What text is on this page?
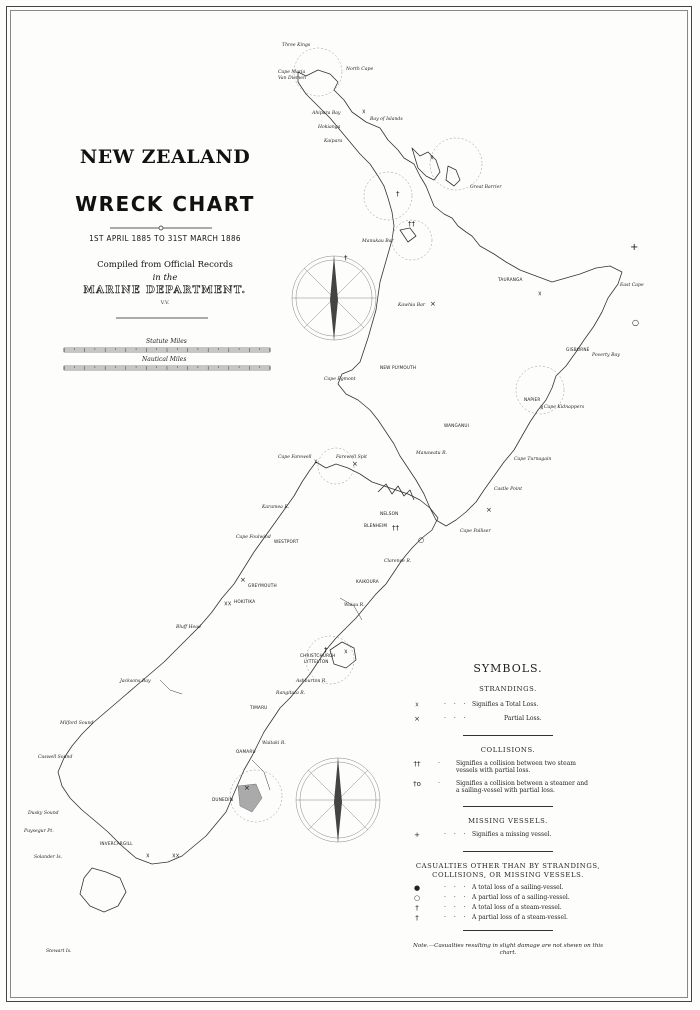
☓
☓
††
†
†
×
☓
☓
×
☓	×
††
○
×
☓☓
† ☓
×
☓☓
☓
NEW ZEALAND
WRECK CHART
1ST APRIL 1885 TO 31ST MARCH 1886
Compiled from Official Records
in the
MARINE DEPARTMENT.
V.V.
Statute Miles
Nautical Miles
Three Kings
North Cape
Cape Maria
Van Diemen
Ahipara Bay
Bay of Islands
Hokianga
Kaipara
Great Barrier
Manukau Bar
TAURANGA
East Cape
GISBORNE
Poverty Bay
Kawhia Bar
Cape Egmont
NEW PLYMOUTH
WANGANUI
Manawatu R.
NAPIER
Cape Kidnappers
Cape Turnagain
Castle Point
Cape Palliser
Cape Farewell	Farewell Spit
Karamea R.
NELSON
BLENHEIM
Cape Foulwind
WESTPORT
Clarence R.
KAIKOURA
GREYMOUTH
HOKITIKA
Waiau R.
Bluff Head
Jacksons Bay
CHRISTCHURCH
LYTTELTON
Ashburton R.
Rangitata R.
TIMARU
OAMARU
Waitaki R.
Milford Sound
Caswell Sound
Dusky Sound
Puysegur Pt.
Solander Is.
INVERCARGILL
DUNEDIN
Stewart Is.
+
○
SYMBOLS.
STRANDINGS.
☓	· · · Signifies a Total Loss.
×	· · ·	Partial Loss.
COLLISIONS.
††	· Signifies a collision between two steam vessels with partial loss.
†o	· Signifies a collision between a steamer and a sailing-vessel with partial loss.
MISSING VESSELS.
+	· · · Signifies a missing vessel.
CASUALTIES OTHER THAN BY STRANDINGS, COLLISIONS, OR MISSING VESSELS.
●	· · · A total loss of a sailing-vessel.
○	· · · A partial loss of a sailing-vessel.
†	· · · A total loss of a steam-vessel.
†	· · · A partial loss of a steam-vessel.
Note.—Casualties resulting in slight damage are not shewn on this chart.
